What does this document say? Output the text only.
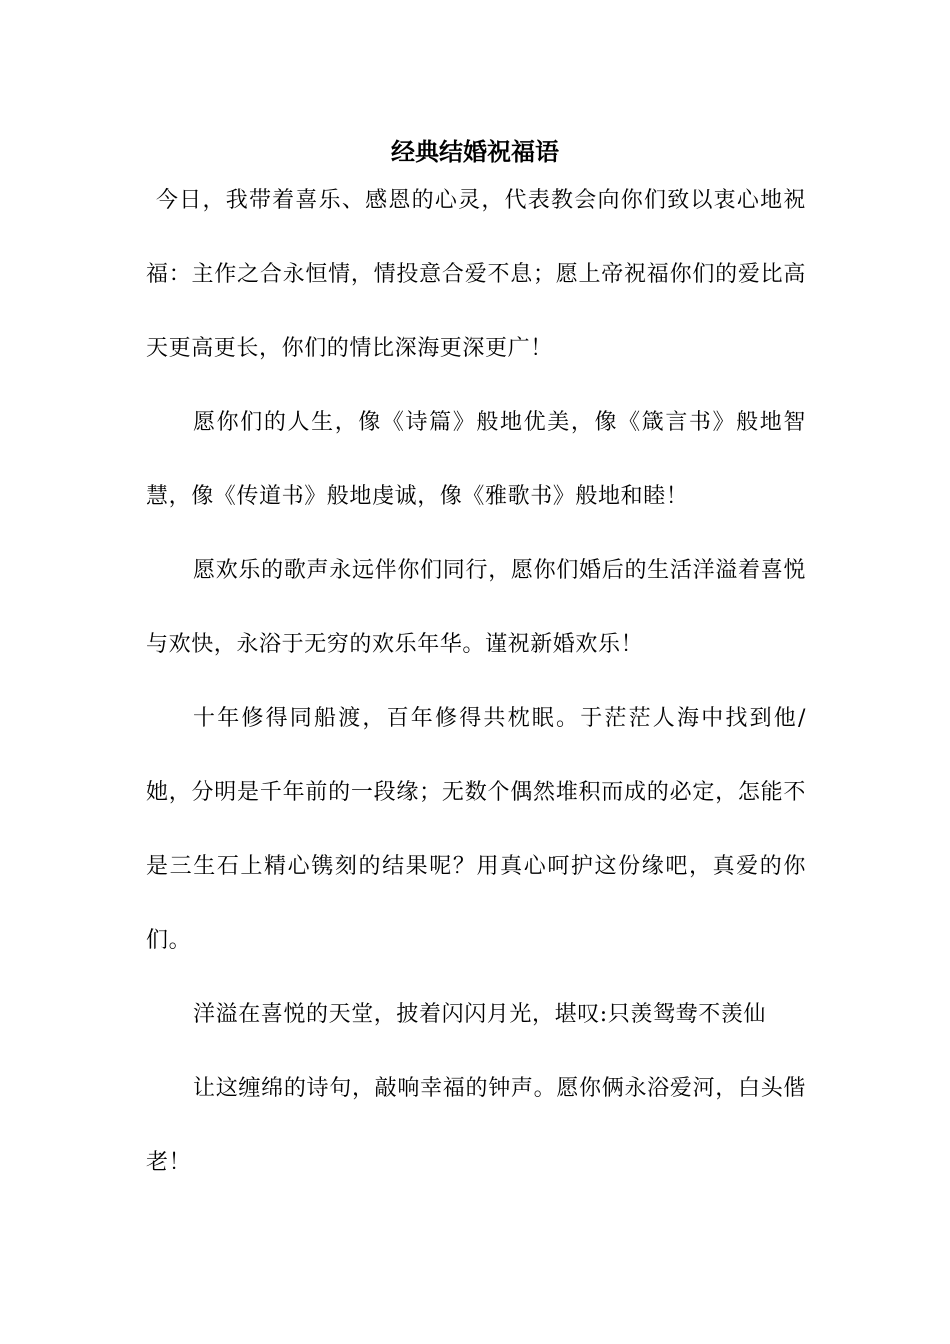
经典结婚祝福语

今日，我带着喜乐、感恩的心灵，代表教会向你们致以衷心地祝福：主作之合永恒情，情投意合爱不息；愿上帝祝福你们的爱比高天更高更长，你们的情比深海更深更广！

愿你们的人生，像《诗篇》般地优美，像《箴言书》般地智慧，像《传道书》般地虔诚，像《雅歌书》般地和睦！

愿欢乐的歌声永远伴你们同行，愿你们婚后的生活洋溢着喜悦与欢快，永浴于无穷的欢乐年华。谨祝新婚欢乐！

十年修得同船渡，百年修得共枕眠。于茫茫人海中找到他/她，分明是千年前的一段缘；无数个偶然堆积而成的必定，怎能不是三生石上精心镌刻的结果呢？用真心呵护这份缘吧，真爱的你们。

洋溢在喜悦的天堂，披着闪闪月光，堪叹:只羡鸳鸯不羡仙

让这缠绵的诗句，敲响幸福的钟声。愿你俩永浴爱河，白头偕老！
